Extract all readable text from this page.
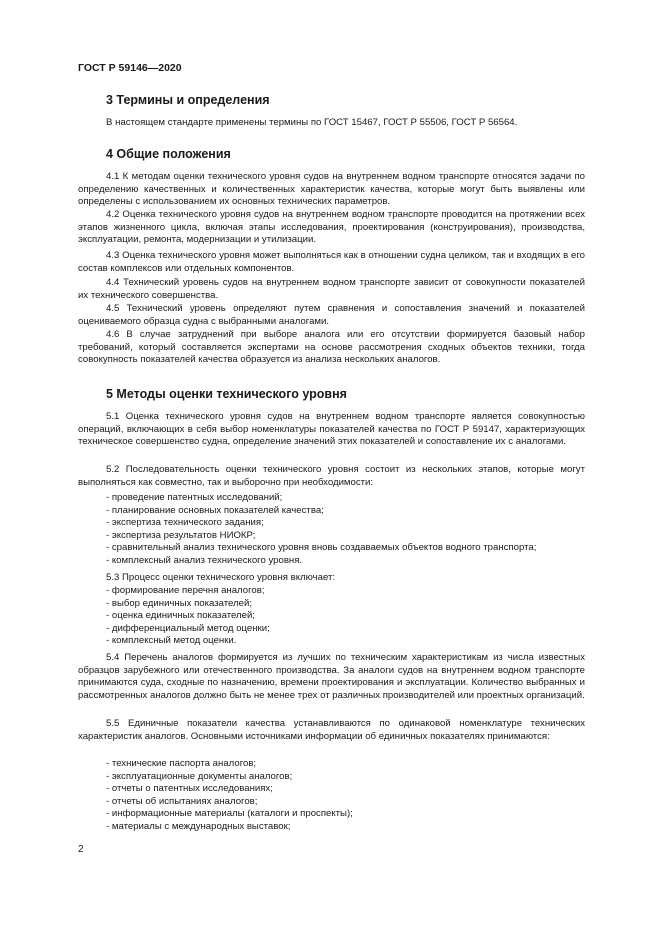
ГОСТ Р 59146—2020
3 Термины и определения
В настоящем стандарте применены термины по ГОСТ 15467, ГОСТ Р 55506, ГОСТ Р 56564.
4 Общие положения
4.1 К методам оценки технического уровня судов на внутреннем водном транспорте относятся задачи по определению качественных и количественных характеристик качества, которые могут быть выявлены или определены с использованием их основных технических параметров.
4.2 Оценка технического уровня судов на внутреннем водном транспорте проводится на протяжении всех этапов жизненного цикла, включая этапы исследования, проектирования (конструирования), производства, эксплуатации, ремонта, модернизации и утилизации.
4.3 Оценка технического уровня может выполняться как в отношении судна целиком, так и входящих в его состав комплексов или отдельных компонентов.
4.4 Технический уровень судов на внутреннем водном транспорте зависит от совокупности показателей их технического совершенства.
4.5 Технический уровень определяют путем сравнения и сопоставления значений и показателей оцениваемого образца судна с выбранными аналогами.
4.6 В случае затруднений при выборе аналога или его отсутствии формируется базовый набор требований, который составляется экспертами на основе рассмотрения сходных объектов техники, тогда совокупность показателей качества образуется из анализа нескольких аналогов.
5 Методы оценки технического уровня
5.1 Оценка технического уровня судов на внутреннем водном транспорте является совокупностью операций, включающих в себя выбор номенклатуры показателей качества по ГОСТ Р 59147, характеризующих техническое совершенство судна, определение значений этих показателей и сопоставление их с аналогами.
5.2 Последовательность оценки технического уровня состоит из нескольких этапов, которые могут выполняться как совместно, так и выборочно при необходимости:
- проведение патентных исследований;
- планирование основных показателей качества;
- экспертиза технического задания;
- экспертиза результатов НИОКР;
- сравнительный анализ технического уровня вновь создаваемых объектов водного транспорта;
- комплексный анализ технического уровня.
5.3 Процесс оценки технического уровня включает:
- формирование перечня аналогов;
- выбор единичных показателей;
- оценка единичных показателей;
- дифференциальный метод оценки;
- комплексный метод оценки.
5.4 Перечень аналогов формируется из лучших по техническим характеристикам из числа известных образцов зарубежного или отечественного производства. За аналоги судов на внутреннем водном транспорте принимаются суда, сходные по назначению, времени проектирования и эксплуатации. Количество выбранных и рассмотренных аналогов должно быть не менее трех от различных производителей или проектных организаций.
5.5 Единичные показатели качества устанавливаются по одинаковой номенклатуре технических характеристик аналогов. Основными источниками информации об единичных показателях принимаются:
- технические паспорта аналогов;
- эксплуатационные документы аналогов;
- отчеты о патентных исследованиях;
- отчеты об испытаниях аналогов;
- информационные материалы (каталоги и проспекты);
- материалы с международных выставок;
2
